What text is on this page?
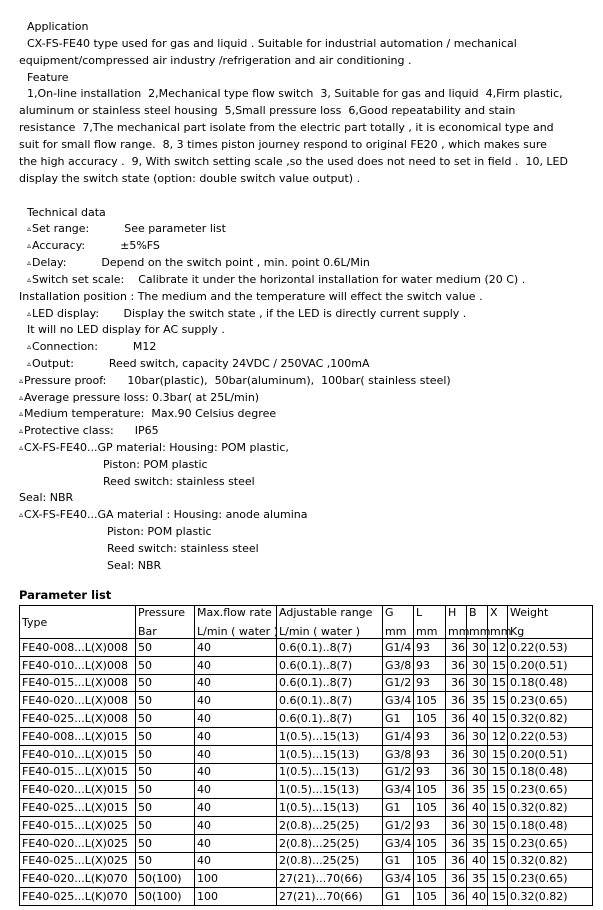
Application
CX-FS-FE40 type used for gas and liquid . Suitable for industrial automation / mechanical
equipment/compressed air industry /refrigeration and air conditioning .
Feature
1,On-line installation  2,Mechanical type flow switch  3, Suitable for gas and liquid  4,Firm plastic,
aluminum or stainless steel housing  5,Small pressure loss  6,Good repeatability and stain
resistance  7,The mechanical part isolate from the electric part totally , it is economical type and
suit for small flow range.  8, 3 times piston journey respond to original FE20 , which makes sure
the high accuracy .  9, With switch setting scale ,so the used does not need to set in field .  10, LED
display the switch state (option: double switch value output) .
Technical data
▵Set range:          See parameter list
▵Accuracy:          ±5%FS
▵Delay:          Depend on the switch point , min. point 0.6L/Min
▵Switch set scale:    Calibrate it under the horizontal installation for water medium (20 C) .
Installation position : The medium and the temperature will effect the switch value .
▵LED display:       Display the switch state , if the LED is directly current supply .
It will no LED display for AC supply .
▵Connection:          M12
▵Output:          Reed switch, capacity 24VDC / 250VAC ,100mA
▵Pressure proof:      10bar(plastic),  50bar(aluminum),  100bar( stainless steel)
▵Average pressure loss: 0.3bar( at 25L/min)
▵Medium temperature:  Max.90 Celsius degree
▵Protective class:      IP65
▵CX-FS-FE40...GP material: Housing: POM plastic,
Piston: POM plastic
Reed switch: stainless steel
Seal: NBR
▵CX-FS-FE40...GA material : Housing: anode alumina
Piston: POM plastic
Reed switch: stainless steel
Seal: NBR
Parameter list
Type	Pressure	Max.flow rate	Adjustable range	G	L	H	B	X	Weight
	Bar	L/min ( water )	L/min ( water )	mm	mm	mm	mm	mm	Kg
FE40-008...L(X)008	50	40	0.6(0.1)..8(7)	G1/4	93	36	30	12	0.22(0.53)
FE40-010...L(X)008	50	40	0.6(0.1)..8(7)	G3/8	93	36	30	15	0.20(0.51)
FE40-015...L(X)008	50	40	0.6(0.1)..8(7)	G1/2	93	36	30	15	0.18(0.48)
FE40-020...L(X)008	50	40	0.6(0.1)..8(7)	G3/4	105	36	35	15	0.23(0.65)
FE40-025...L(X)008	50	40	0.6(0.1)..8(7)	G1	105	36	40	15	0.32(0.82)
FE40-008...L(X)015	50	40	1(0.5)...15(13)	G1/4	93	36	30	12	0.22(0.53)
FE40-010...L(X)015	50	40	1(0.5)...15(13)	G3/8	93	36	30	15	0.20(0.51)
FE40-015...L(X)015	50	40	1(0.5)...15(13)	G1/2	93	36	30	15	0.18(0.48)
FE40-020...L(X)015	50	40	1(0.5)...15(13)	G3/4	105	36	35	15	0.23(0.65)
FE40-025...L(X)015	50	40	1(0.5)...15(13)	G1	105	36	40	15	0.32(0.82)
FE40-015...L(X)025	50	40	2(0.8)...25(25)	G1/2	93	36	30	15	0.18(0.48)
FE40-020...L(X)025	50	40	2(0.8)...25(25)	G3/4	105	36	35	15	0.23(0.65)
FE40-025...L(X)025	50	40	2(0.8)...25(25)	G1	105	36	40	15	0.32(0.82)
FE40-020...L(K)070	50(100)	100	27(21)...70(66)	G3/4	105	36	35	15	0.23(0.65)
FE40-025...L(K)070	50(100)	100	27(21)...70(66)	G1	105	36	40	15	0.32(0.82)
